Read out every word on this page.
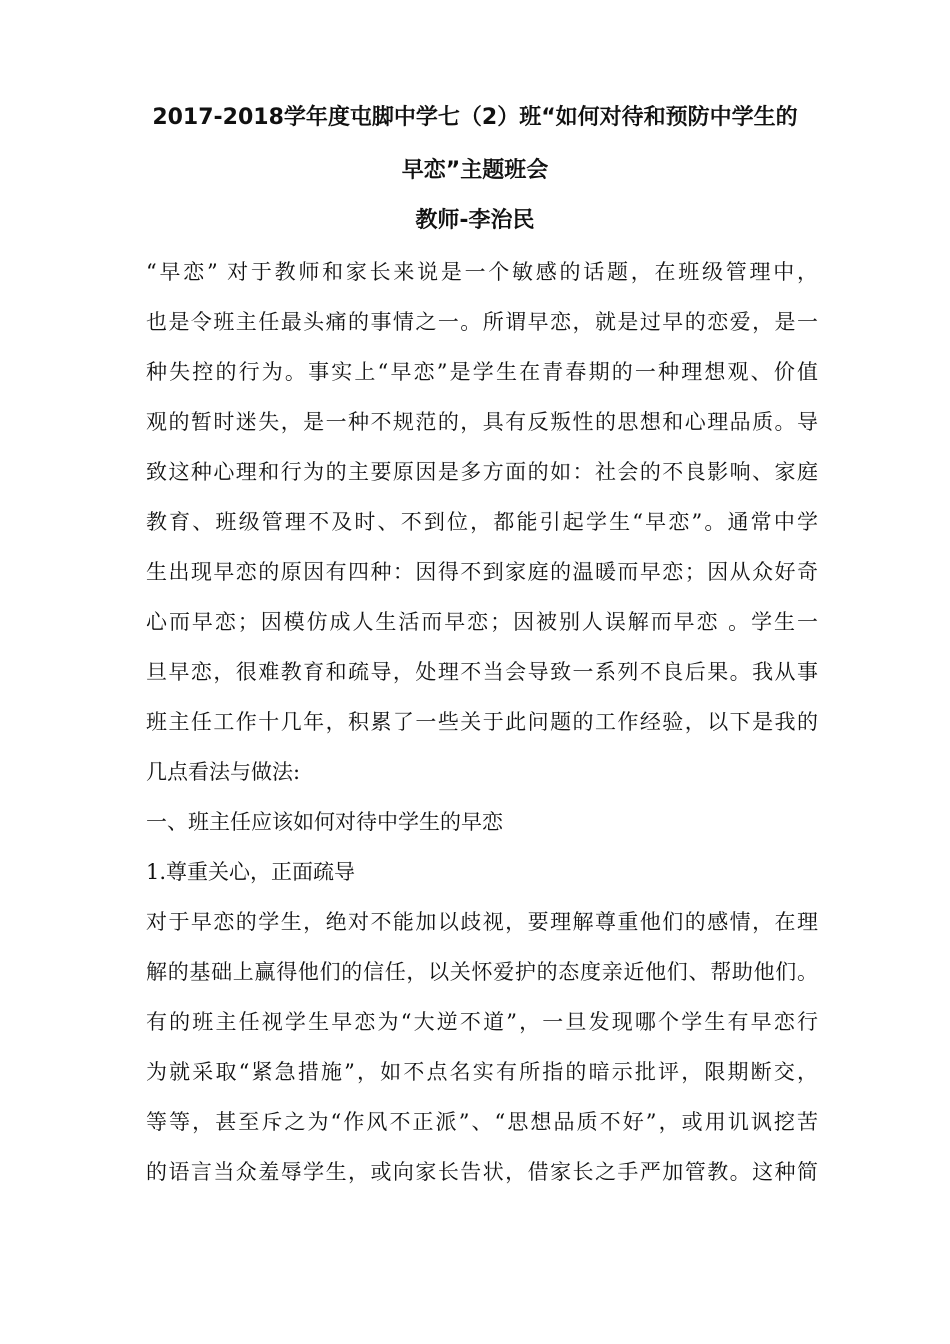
2017-2018学年度屯脚中学七（2）班“如何对待和预防中学生的
早恋”主题班会
教师-李治民
“早恋” 对于教师和家长来说是一个敏感的话题，在班级管理中，
也是令班主任最头痛的事情之一。所谓早恋，就是过早的恋爱，是一
种失控的行为。事实上“早恋”是学生在青春期的一种理想观、价值
观的暂时迷失，是一种不规范的，具有反叛性的思想和心理品质。导
致这种心理和行为的主要原因是多方面的如：社会的不良影响、家庭
教育、班级管理不及时、不到位，都能引起学生“早恋”。通常中学
生出现早恋的原因有四种：因得不到家庭的温暖而早恋；因从众好奇
心而早恋；因模仿成人生活而早恋；因被别人误解而早恋 。学生一
旦早恋，很难教育和疏导，处理不当会导致一系列不良后果。我从事
班主任工作十几年，积累了一些关于此问题的工作经验，以下是我的
几点看法与做法:
一、班主任应该如何对待中学生的早恋
1.尊重关心，正面疏导
对于早恋的学生，绝对不能加以歧视，要理解尊重他们的感情，在理
解的基础上赢得他们的信任，以关怀爱护的态度亲近他们、帮助他们。
有的班主任视学生早恋为“大逆不道”，一旦发现哪个学生有早恋行
为就采取“紧急措施”，如不点名实有所指的暗示批评，限期断交，
等等，甚至斥之为“作风不正派”、“思想品质不好”，或用讥讽挖苦
的语言当众羞辱学生，或向家长告状，借家长之手严加管教。这种简
